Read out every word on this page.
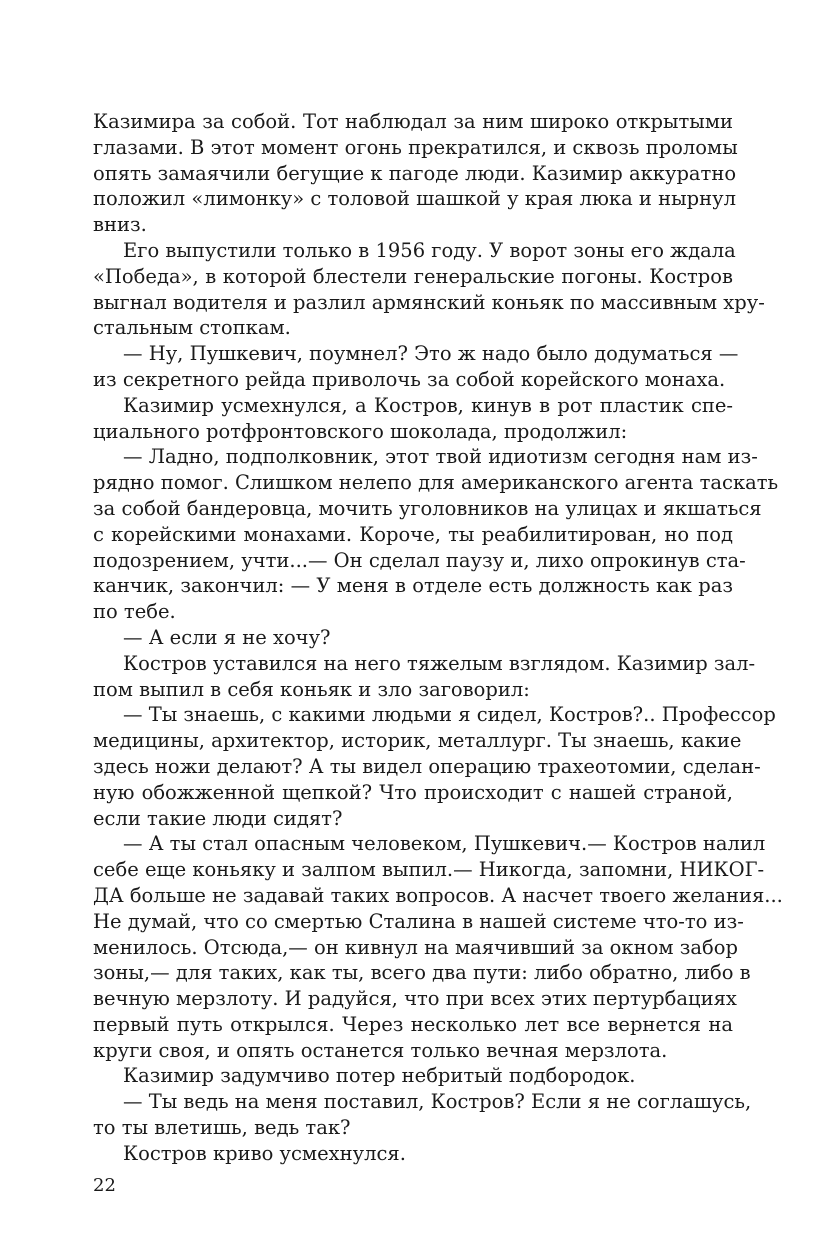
Казимира за собой. Тот наблюдал за ним широко открытыми
глазами. В этот момент огонь прекратился, и сквозь проломы
опять замаячили бегущие к пагоде люди. Казимир аккуратно
положил «лимонку» с толовой шашкой у края люка и нырнул
вниз.
Его выпустили только в 1956 году. У ворот зоны его ждала
«Победа», в которой блестели генеральские погоны. Костров
выгнал водителя и разлил армянский коньяк по массивным хру-
стальным стопкам.
— Ну, Пушкевич, поумнел? Это ж надо было додуматься —
из секретного рейда приволочь за собой корейского монаха.
Казимир усмехнулся, а Костров, кинув в рот пластик спе-
циального ротфронтовского шоколада, продолжил:
— Ладно, подполковник, этот твой идиотизм сегодня нам из-
рядно помог. Слишком нелепо для американского агента таскать
за собой бандеровца, мочить уголовников на улицах и якшаться
с корейскими монахами. Короче, ты реабилитирован, но под
подозрением, учти...— Он сделал паузу и, лихо опрокинув ста-
канчик, закончил: — У меня в отделе есть должность как раз
по тебе.
— А если я не хочу?
Костров уставился на него тяжелым взглядом. Казимир зал-
пом выпил в себя коньяк и зло заговорил:
— Ты знаешь, с какими людьми я сидел, Костров?.. Профессор
медицины, архитектор, историк, металлург. Ты знаешь, какие
здесь ножи делают? А ты видел операцию трахеотомии, сделан-
ную обожженной щепкой? Что происходит с нашей страной,
если такие люди сидят?
— А ты стал опасным человеком, Пушкевич.— Костров налил
себе еще коньяку и залпом выпил.— Никогда, запомни, НИКОГ-
ДА больше не задавай таких вопросов. А насчет твоего желания...
Не думай, что со смертью Сталина в нашей системе что-то из-
менилось. Отсюда,— он кивнул на маячивший за окном забор
зоны,— для таких, как ты, всего два пути: либо обратно, либо в
вечную мерзлоту. И радуйся, что при всех этих пертурбациях
первый путь открылся. Через несколько лет все вернется на
круги своя, и опять останется только вечная мерзлота.
Казимир задумчиво потер небритый подбородок.
— Ты ведь на меня поставил, Костров? Если я не соглашусь,
то ты влетишь, ведь так?
Костров криво усмехнулся.
22
